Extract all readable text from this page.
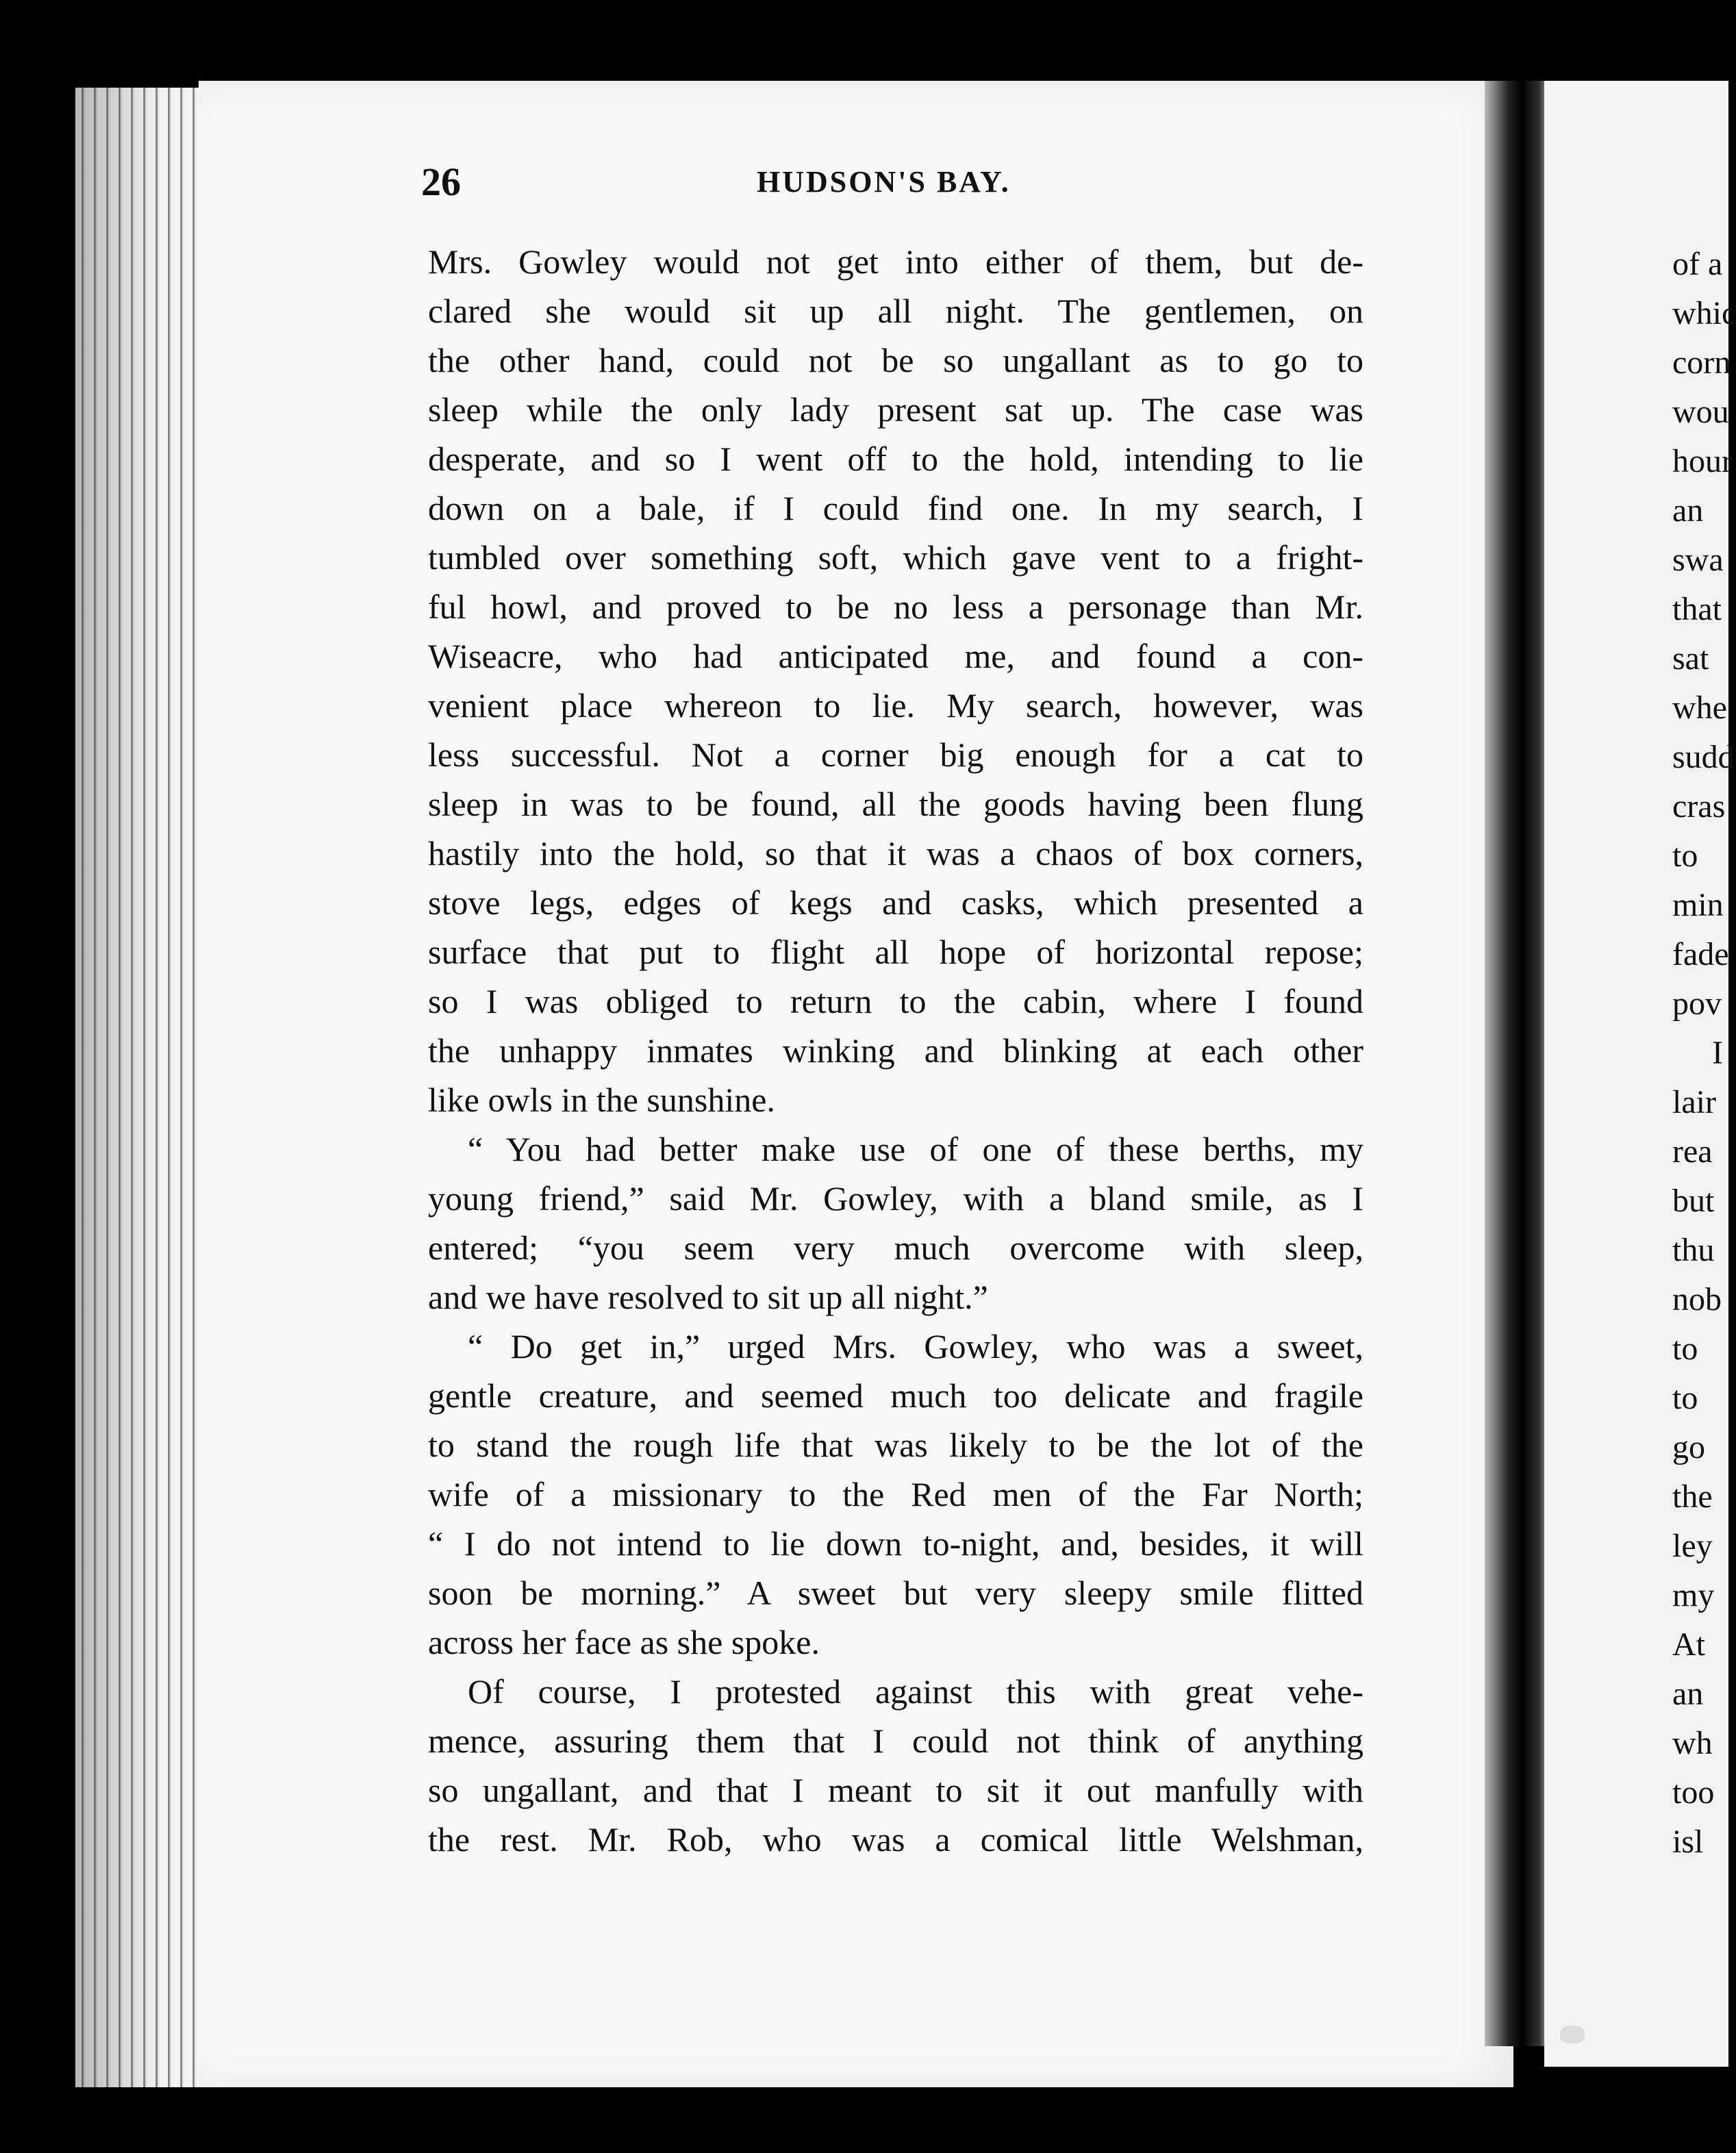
26	HUDSON'S BAY.
Mrs. Gowley would not get into either of them, but de-
clared she would sit up all night. The gentlemen, on
the other hand, could not be so ungallant as to go to
sleep while the only lady present sat up. The case was
desperate, and so I went off to the hold, intending to lie
down on a bale, if I could find one. In my search, I
tumbled over something soft, which gave vent to a fright-
ful howl, and proved to be no less a personage than Mr.
Wiseacre, who had anticipated me, and found a con-
venient place whereon to lie. My search, however, was
less successful. Not a corner big enough for a cat to
sleep in was to be found, all the goods having been flung
hastily into the hold, so that it was a chaos of box corners,
stove legs, edges of kegs and casks, which presented a
surface that put to flight all hope of horizontal repose;
so I was obliged to return to the cabin, where I found
the unhappy inmates winking and blinking at each other
like owls in the sunshine.
“ You had better make use of one of these berths, my
young friend,” said Mr. Gowley, with a bland smile, as I
entered; “you seem very much overcome with sleep,
and we have resolved to sit up all night.”
“ Do get in,” urged Mrs. Gowley, who was a sweet,
gentle creature, and seemed much too delicate and fragile
to stand the rough life that was likely to be the lot of the
wife of a missionary to the Red men of the Far North;
“ I do not intend to lie down to-night, and, besides, it will
soon be morning.” A sweet but very sleepy smile flitted
across her face as she spoke.
Of course, I protested against this with great vehe-
mence, assuring them that I could not think of anything
so ungallant, and that I meant to sit it out manfully with
the rest. Mr. Rob, who was a comical little Welshman,
of a
whic
corn
wou
hour
an
swa
that
sat
whe
sudd
cras
to
min
fade
pov
I
lair
rea
but
thu
nob
to
to
go
the
ley
my
At
an
wh
too
isl
